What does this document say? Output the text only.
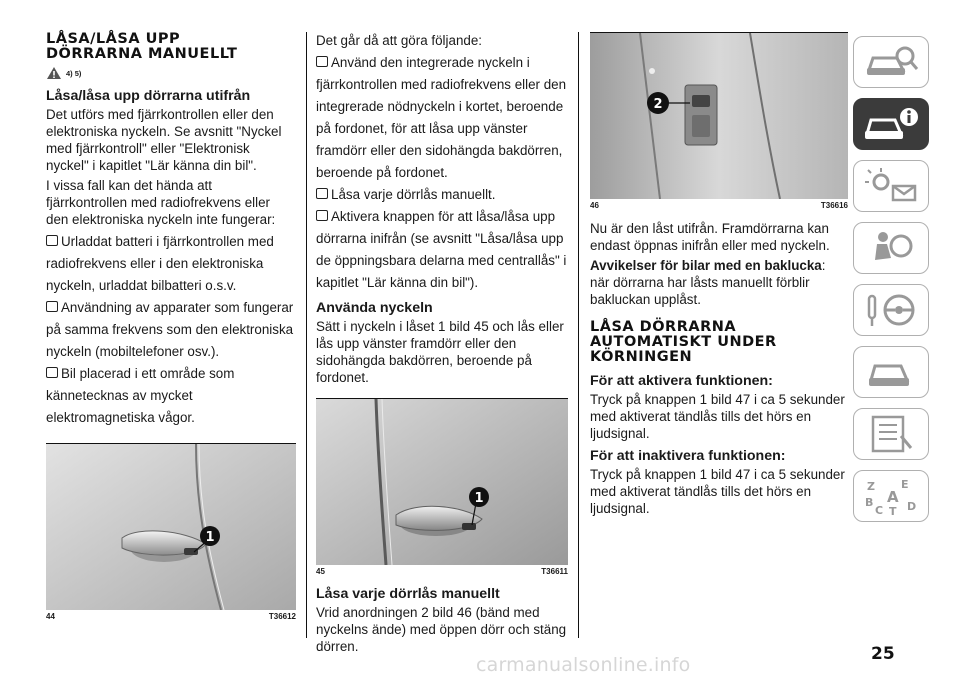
LÅSA/LÅSA UPP
DÖRRARNA MANUELLT
4) 5)
Låsa/låsa upp dörrarna utifrån

Det utförs med fjärrkontrollen eller den elektroniska nyckeln. Se avsnitt "Nyckel med fjärrkontroll" eller "Elektronisk nyckel" i kapitlet "Lär känna din bil".

I vissa fall kan det hända att fjärrkontrollen med radiofrekvens eller den elektroniska nyckeln inte fungerar:

Urladdat batteri i fjärrkontrollen med radiofrekvens eller i den elektroniska nyckeln, urladdat bilbatteri o.s.v.

Användning av apparater som fungerar på samma frekvens som den elektroniska nyckeln (mobiltelefoner osv.).

Bil placerad i ett område som kännetecknas av mycket elektromagnetiska vågor.

1
44	T36612

Det går då att göra följande:

Använd den integrerade nyckeln i fjärrkontrollen med radiofrekvens eller den integrerade nödnyckeln i kortet, beroende på fordonet, för att låsa upp vänster framdörr eller den sidohängda bakdörren, beroende på fordonet.

Låsa varje dörrlås manuellt.

Aktivera knappen för att låsa/låsa upp dörrarna inifrån (se avsnitt "Låsa/låsa upp de öppningsbara delarna med centrallås" i kapitlet "Lär känna din bil").

Använda nyckeln

Sätt i nyckeln i låset 1 bild 45 och lås eller lås upp vänster framdörr eller den sidohängda bakdörren, beroende på fordonet.

1
45	T36611
Låsa varje dörrlås manuellt

Vrid anordningen 2 bild 46 (bänd med nyckelns ände) med öppen dörr och stäng dörren.

2
46	T36616

Nu är den låst utifrån. Framdörrarna kan endast öppnas inifrån eller med nyckeln.

Avvikelser för bilar med en baklucka: när dörrarna har låsts manuellt förblir bakluckan upplåst.

LÅSA DÖRRARNA
AUTOMATISKT UNDER
KÖRNINGEN
För att aktivera funktionen:

Tryck på knappen 1 bild 47 i ca 5 sekunder med aktiverat tändlås tills det hörs en ljudsignal.

För att inaktivera funktionen:

Tryck på knappen 1 bild 47 i ca 5 sekunder med aktiverat tändlås tills det hörs en ljudsignal.

Z E
B A
C T D
25
carmanualsonline.info
